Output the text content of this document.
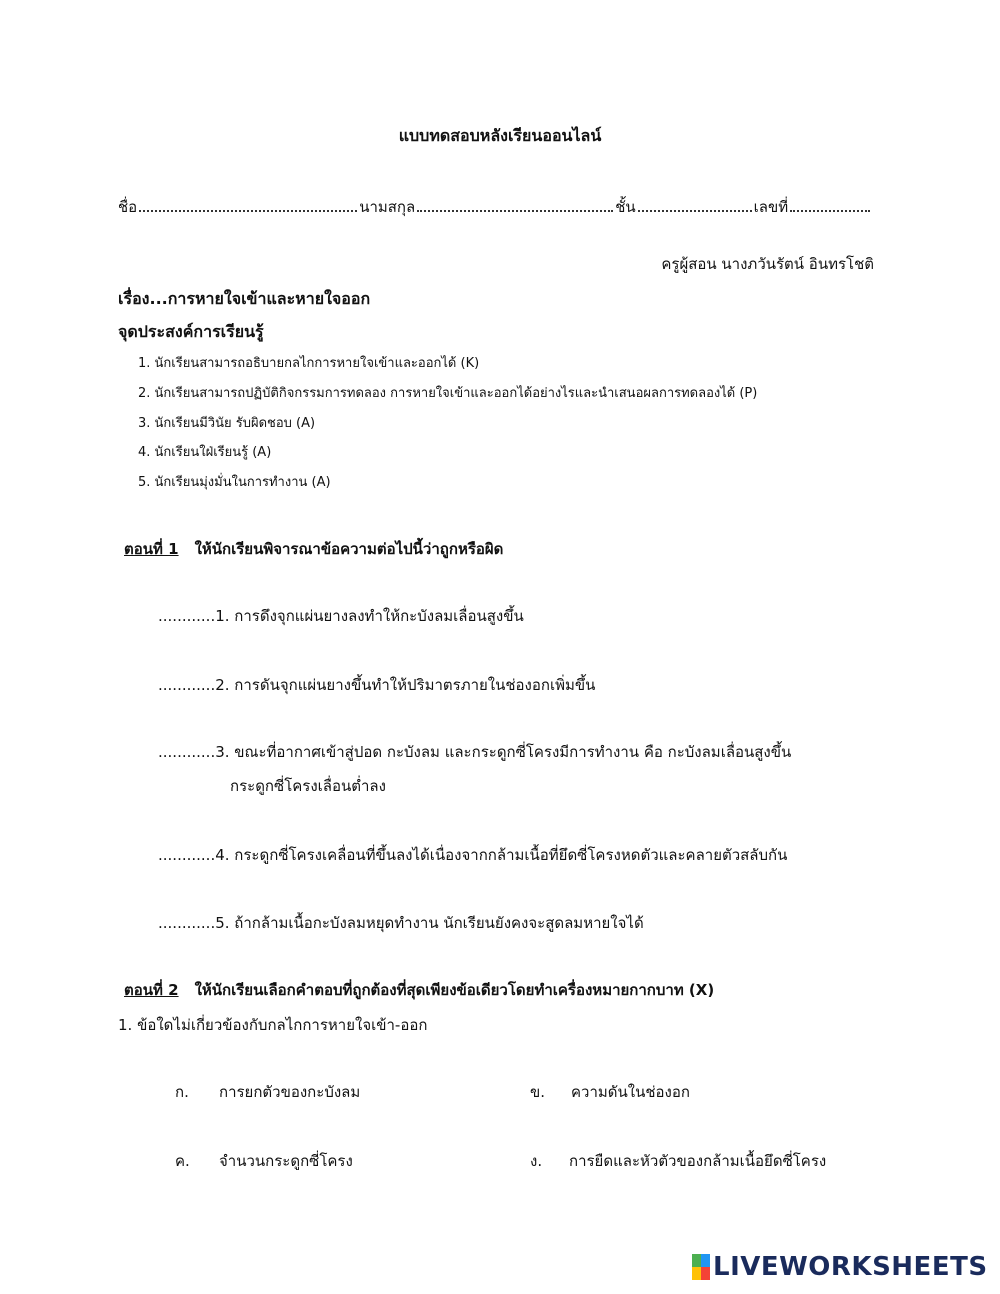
แบบทดสอบหลังเรียนออนไลน์
ชื่อ	นามสกุล	ชั้น	เลขที่
ครูผู้สอน นางภวันรัตน์ อินทรโชติ
เรื่อง...การหายใจเข้าและหายใจออก
จุดประสงค์การเรียนรู้
1. นักเรียนสามารถอธิบายกลไกการหายใจเข้าและออกได้ (K)
2. นักเรียนสามารถปฏิบัติกิจกรรมการทดลอง การหายใจเข้าและออกได้อย่างไรและนำเสนอผลการทดลองได้ (P)
3. นักเรียนมีวินัย รับผิดชอบ (A)
4. นักเรียนใฝ่เรียนรู้ (A)
5. นักเรียนมุ่งมั่นในการทำงาน (A)
ตอนที่ 1 ให้นักเรียนพิจารณาข้อความต่อไปนี้ว่าถูกหรือผิด
............1. การดึงจุกแผ่นยางลงทำให้กะบังลมเลื่อนสูงขึ้น
............2. การดันจุกแผ่นยางขึ้นทำให้ปริมาตรภายในช่องอกเพิ่มขึ้น
............3. ขณะที่อากาศเข้าสู่ปอด กะบังลม และกระดูกซี่โครงมีการทำงาน คือ กะบังลมเลื่อนสูงขึ้น
กระดูกซี่โครงเลื่อนต่ำลง
............4. กระดูกซี่โครงเคลื่อนที่ขึ้นลงได้เนื่องจากกล้ามเนื้อที่ยึดซี่โครงหดตัวและคลายตัวสลับกัน
............5. ถ้ากล้ามเนื้อกะบังลมหยุดทำงาน นักเรียนยังคงจะสูดลมหายใจได้
ตอนที่ 2 ให้นักเรียนเลือกคำตอบที่ถูกต้องที่สุดเพียงข้อเดียวโดยทำเครื่องหมายกากบาท (X)
1. ข้อใดไม่เกี่ยวข้องกับกลไกการหายใจเข้า-ออก
ก. การยกตัวของกะบังลม	ข. ความดันในช่องอก
ค. จำนวนกระดูกซี่โครง	ง. การยืดและหัวตัวของกล้ามเนื้อยึดซี่โครง
LIVEWORKSHEETS
